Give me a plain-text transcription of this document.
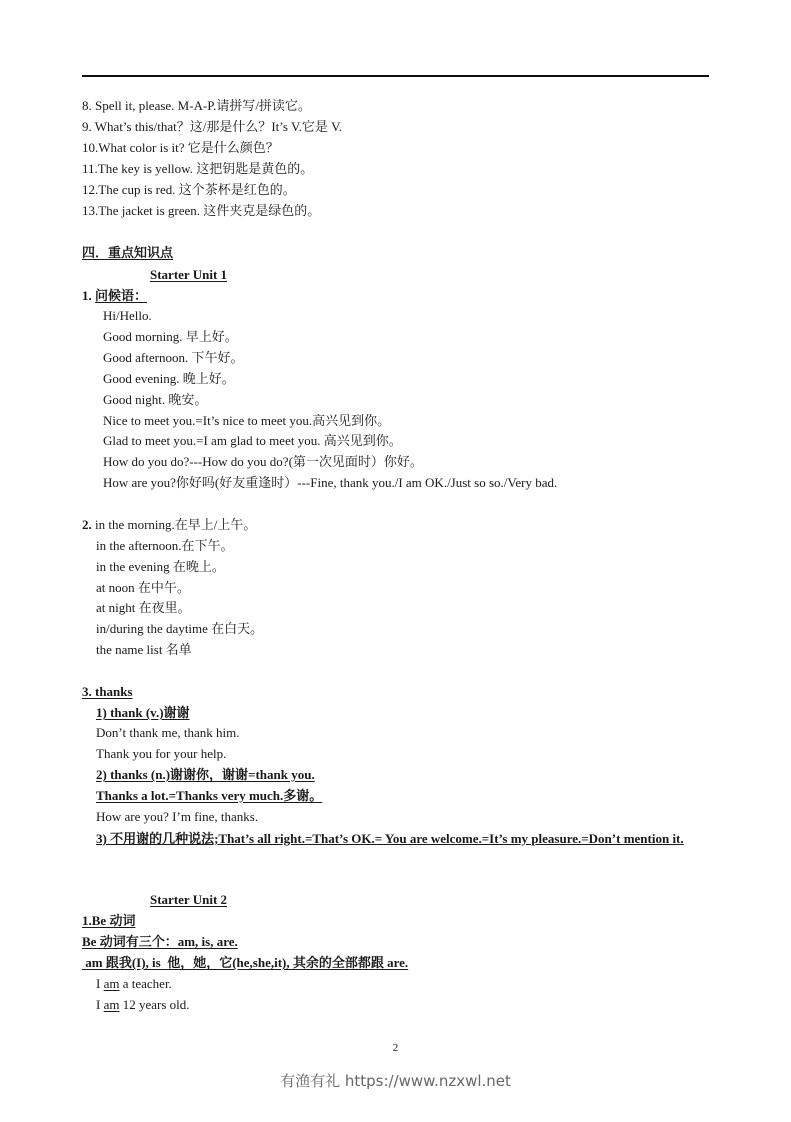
8. Spell it, please. M-A-P.请拼写/拼读它。
9. What’s this/that？这/那是什么？It’s V.它是 V.
10.What color is it? 它是什么颜色？
11.The key is yellow. 这把钥匙是黄色的。
12.The cup is red. 这个茶杯是红色的。
13.The jacket is green. 这件夹克是绿色的。
四．重点知识点
Starter Unit 1
1. 问候语：
Hi/Hello.
Good morning. 早上好。
Good afternoon. 下午好。
Good evening. 晚上好。
Good night. 晚安。
Nice to meet you.=It’s nice to meet you.高兴见到你。
Glad to meet you.=I am glad to meet you. 高兴见到你。
How do you do?---How do you do?(第一次见面时）你好。
How are you?你好吗(好友重逢时）---Fine, thank you./I am OK./Just so so./Very bad.
2. in the morning.在早上/上午。
in the afternoon.在下午。
in the evening 在晚上。
at noon 在中午。
at night 在夜里。
in/during the daytime 在白天。
the name list 名单
3. thanks
1) thank (v.)谢谢
Don’t thank me, thank him.
Thank you for your help.
2) thanks (n.)谢谢你，谢谢=thank you.
Thanks a lot.=Thanks very much.多谢。
How are you? I’m fine, thanks.
3) 不用谢的几种说法;That’s all right.=That’s OK.= You are welcome.=It’s my pleasure.=Don’t mention it.
Starter Unit 2
1.Be 动词
Be 动词有三个：am, is, are.
am 跟我(I), is  他，她，它(he,she,it), 其余的全部都跟 are.
I am a teacher.
I am 12 years old.
2
有渔有礼 https://www.nzxwl.net
